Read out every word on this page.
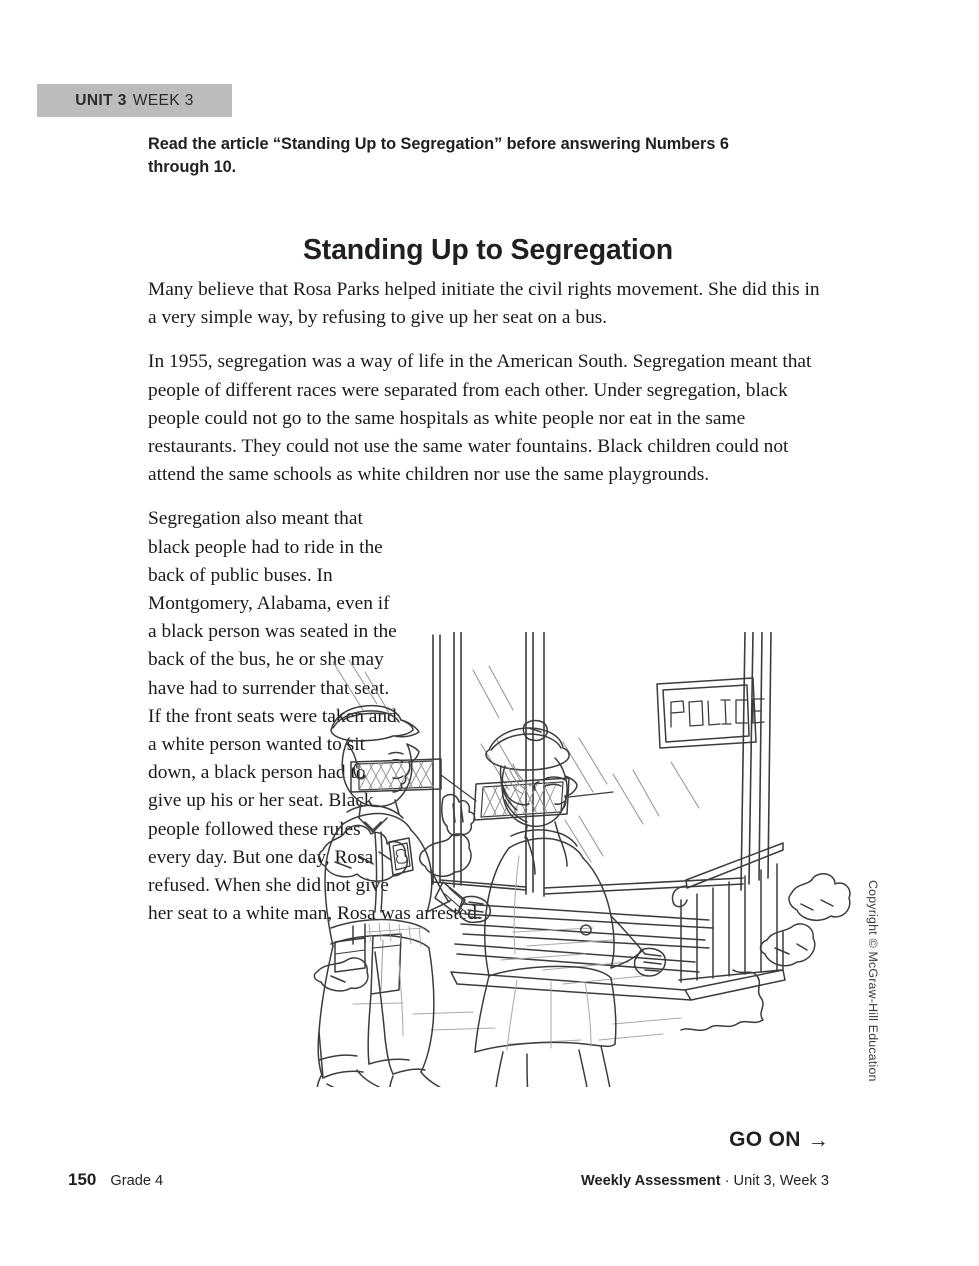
UNIT 3 WEEK 3
Read the article “Standing Up to Segregation” before answering Numbers 6 through 10.
Standing Up to Segregation

Many believe that Rosa Parks helped initiate the civil rights movement. She did this in a very simple way, by refusing to give up her seat on a bus.

In 1955, segregation was a way of life in the American South. Segregation meant that people of different races were separated from each other. Under segregation, black people could not go to the same hospitals as white people nor eat in the same restaurants. They could not use the same water fountains. Black children could not attend the same schools as white children nor use the same playgrounds.

Segregation also meant that black people had to ride in the back of public buses. In Montgomery, Alabama, even if a black person was seated in the back of the bus, he or she may have had to surrender that seat. If the front seats were taken and a white person wanted to sit down, a black person had to give up his or her seat. Black people followed these rules every day. But one day, Rosa refused. When she did not give her seat to a white man, Rosa was arrested.

GO ON →
150 Grade 4	Weekly Assessment · Unit 3, Week 3
Copyright © McGraw-Hill Education
